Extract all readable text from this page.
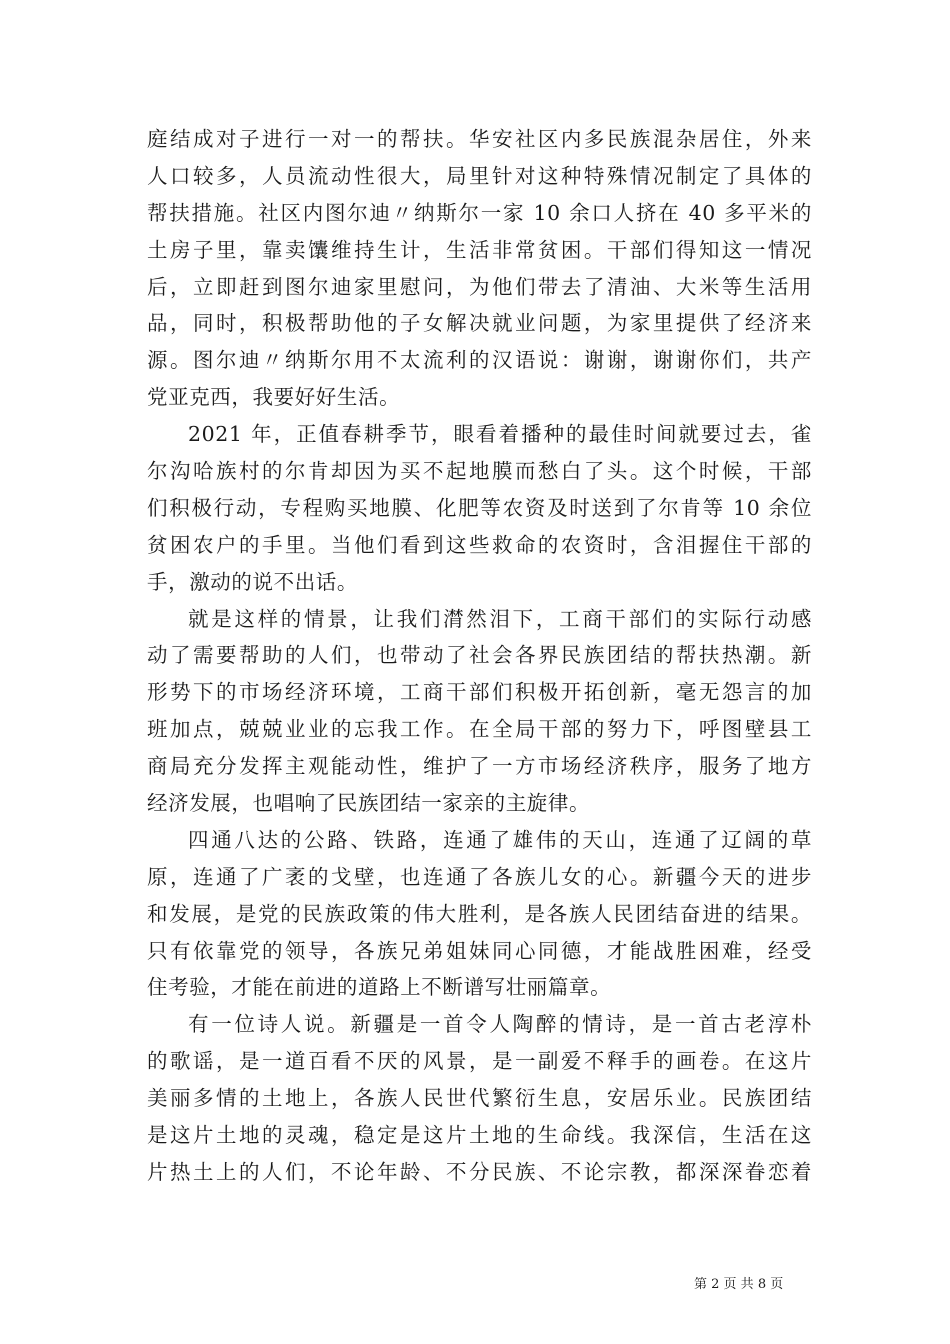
庭结成对子进行一对一的帮扶。华安社区内多民族混杂居住，外来
人口较多，人员流动性很大，局里针对这种特殊情况制定了具体的
帮扶措施。社区内图尔迪〃纳斯尔一家 10 余口人挤在 40 多平米的
土房子里，靠卖馕维持生计，生活非常贫困。干部们得知这一情况
后，立即赶到图尔迪家里慰问，为他们带去了清油、大米等生活用
品，同时，积极帮助他的子女解决就业问题，为家里提供了经济来
源。图尔迪〃纳斯尔用不太流利的汉语说：谢谢，谢谢你们，共产
党亚克西，我要好好生活。
2021 年，正值春耕季节，眼看着播种的最佳时间就要过去，雀
尔沟哈族村的尔肯却因为买不起地膜而愁白了头。这个时候，干部
们积极行动，专程购买地膜、化肥等农资及时送到了尔肯等 10 余位
贫困农户的手里。当他们看到这些救命的农资时，含泪握住干部的
手，激动的说不出话。
就是这样的情景，让我们潸然泪下，工商干部们的实际行动感
动了需要帮助的人们，也带动了社会各界民族团结的帮扶热潮。新
形势下的市场经济环境，工商干部们积极开拓创新，毫无怨言的加
班加点，兢兢业业的忘我工作。在全局干部的努力下，呼图壁县工
商局充分发挥主观能动性，维护了一方市场经济秩序，服务了地方
经济发展，也唱响了民族团结一家亲的主旋律。
四通八达的公路、铁路，连通了雄伟的天山，连通了辽阔的草
原，连通了广袤的戈壁，也连通了各族儿女的心。新疆今天的进步
和发展，是党的民族政策的伟大胜利，是各族人民团结奋进的结果。
只有依靠党的领导，各族兄弟姐妹同心同德，才能战胜困难，经受
住考验，才能在前进的道路上不断谱写壮丽篇章。
有一位诗人说。新疆是一首令人陶醉的情诗，是一首古老淳朴
的歌谣，是一道百看不厌的风景，是一副爱不释手的画卷。在这片
美丽多情的土地上，各族人民世代繁衍生息，安居乐业。民族团结
是这片土地的灵魂，稳定是这片土地的生命线。我深信，生活在这
片热土上的人们，不论年龄、不分民族、不论宗教，都深深眷恋着
第 2 页 共 8 页
